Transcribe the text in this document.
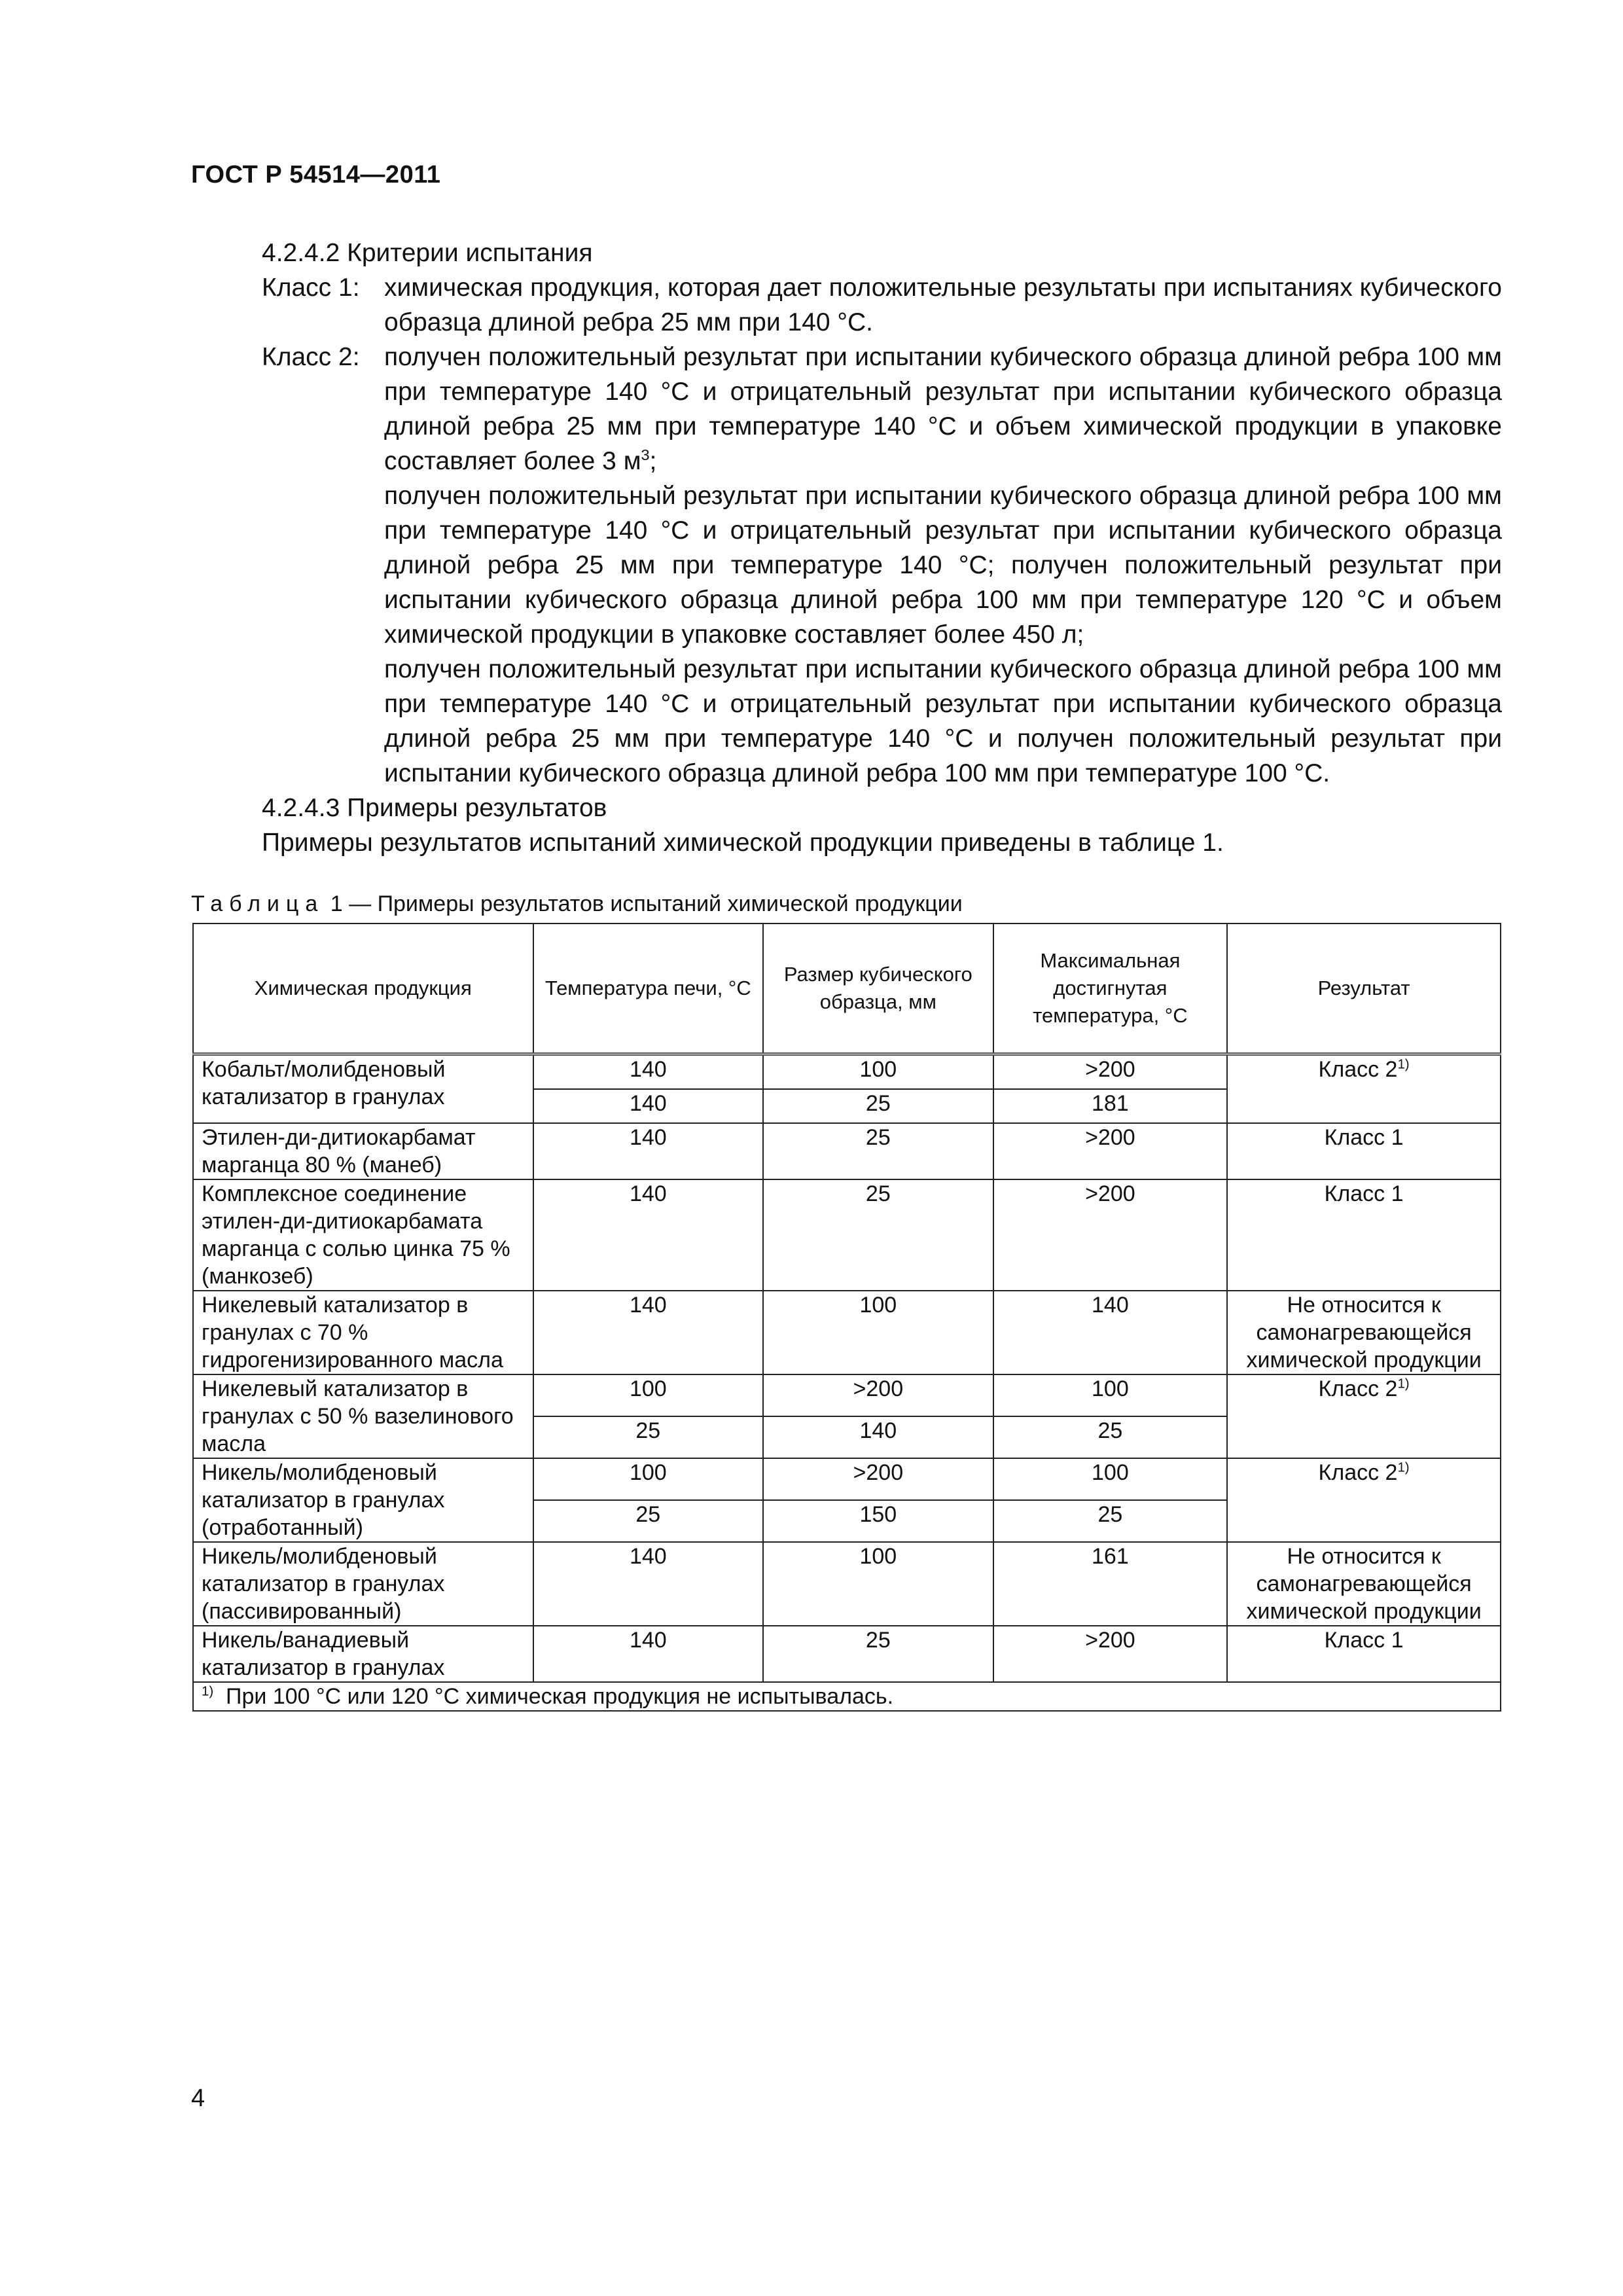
ГОСТ Р 54514—2011

4.2.4.2 Критерии испытания

Класс 1: химическая продукция, которая дает положительные результаты при испытаниях кубического образца длиной ребра 25 мм при 140 °С.
Класс 2: получен положительный результат при испытании кубического образца длиной ребра 100 мм при температуре 140 °С и отрицательный результат при испытании кубического образца длиной ребра 25 мм при температуре 140 °С и объем химической продукции в упаковке составляет более 3 $м^3$;

получен положительный результат при испытании кубического образца длиной ребра 100 мм при температуре 140 °С и отрицательный результат при испытании кубического образца длиной ребра 25 мм при температуре 140 °С; получен положительный результат при испытании кубического образца длиной ребра 100 мм при температуре 120 °С и объем химической продукции в упаковке составляет более 450 л;

получен положительный результат при испытании кубического образца длиной ребра 100 мм при температуре 140 °С и отрицательный результат при испытании кубического образца длиной ребра 25 мм при температуре 140 °С и получен положительный результат при испытании кубического образца длиной ребра 100 мм при температуре 100 °С.

4.2.4.3 Примеры результатов

Примеры результатов испытаний химической продукции приведены в таблице 1.

Таблица 1 — Примеры результатов испытаний химической продукции
Химическая продукция	Температура печи, °С	Размер кубического образца, мм	Максимальная достигнутая температура, °С	Результат
Кобальт/молибденовый катализатор в гранулах	140	100	>200	Класс 2$^{1)}$
	140	25	181	
Этилен-ди-дитиокарбамат марганца 80 % (манеб)	140	25	>200	Класс 1
Комплексное соединение этилен-ди-дитиокарбамата марганца с солью цинка 75 % (манкозеб)	140	25	>200	Класс 1
Никелевый катализатор в гранулах с 70 % гидрогенизированного масла	140	100	140	Не относится к самонагревающейся химической продукции
Никелевый катализатор в гранулах с 50 % вазелинового масла	100	>200	100	Класс 2$^{1)}$
	25	140	25	
Никель/молибденовый катализатор в гранулах (отработанный)	100	>200	100	Класс 2$^{1)}$
	25	150	25	
Никель/молибденовый катализатор в гранулах (пассивированный)	140	100	161	Не относится к самонагревающейся химической продукции
Никель/ванадиевый катализатор в гранулах	140	25	>200	Класс 1
$^{1)}$ При 100 °С или 120 °С химическая продукция не испытывалась.				
4
